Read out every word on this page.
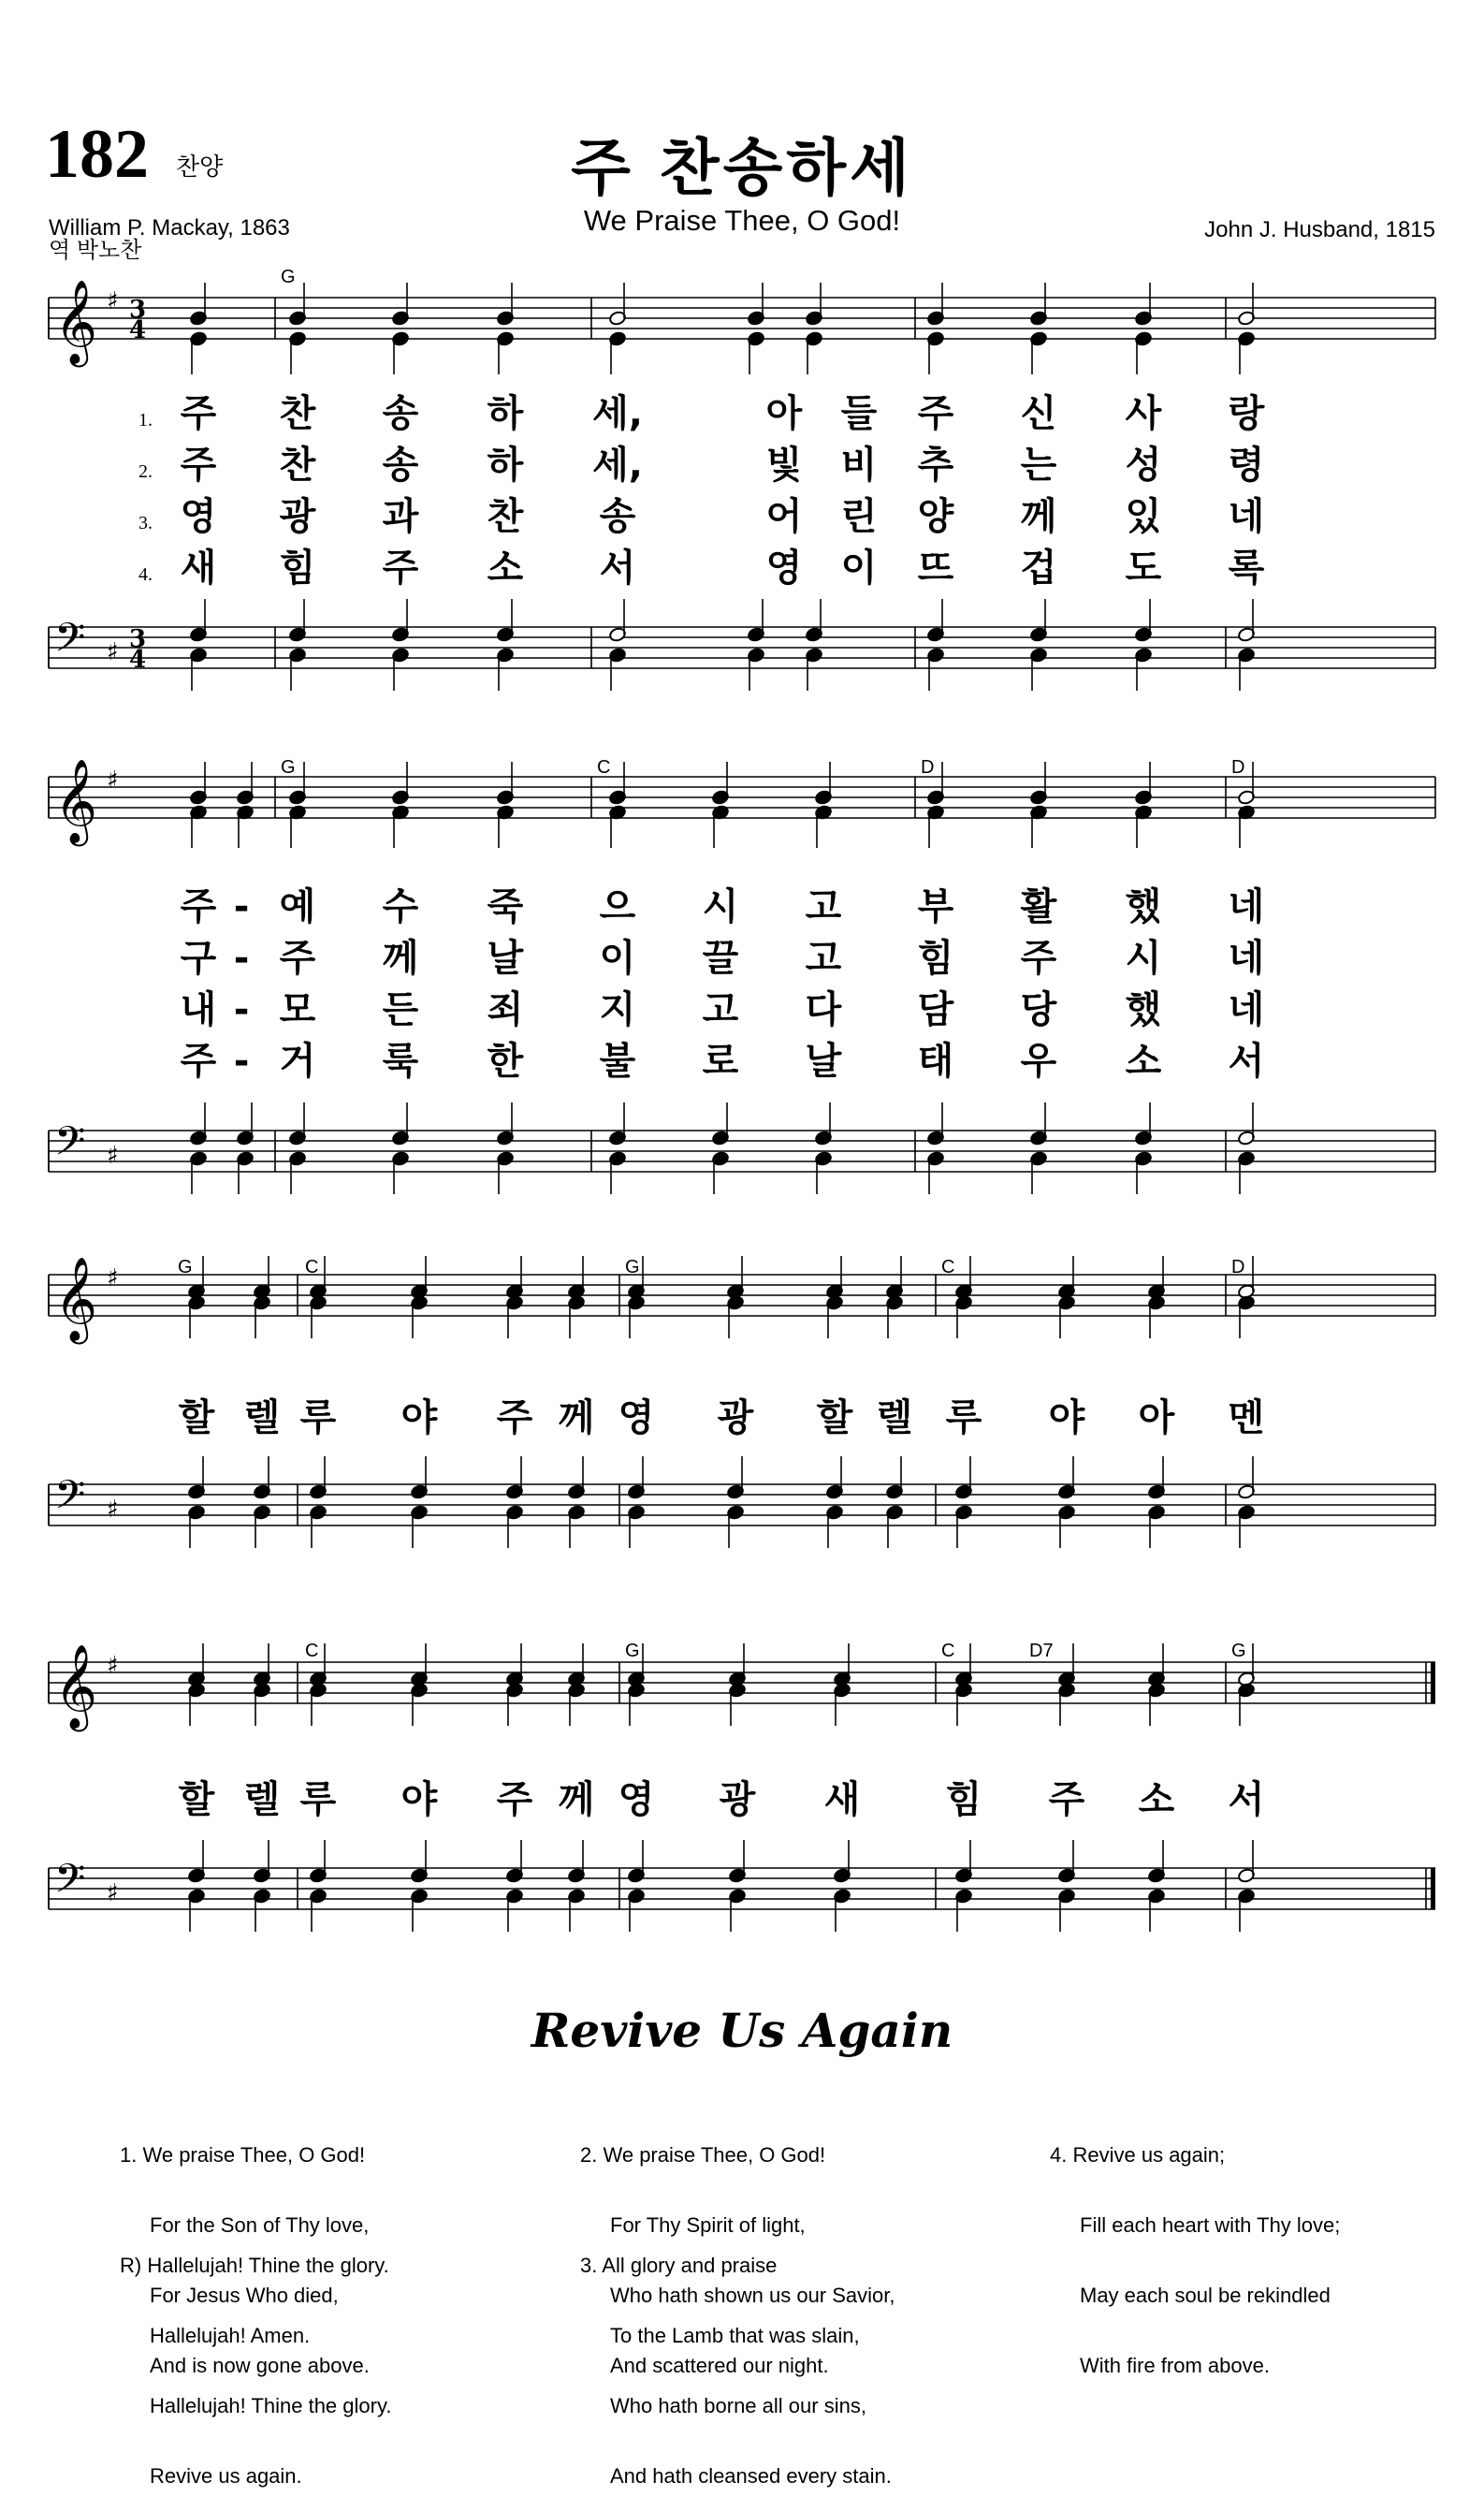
182 찬양	주 찬송하세
We Praise Thee, O God!
William P. Mackay, 1863
역 박노찬
John J. Husband, 1815
𝄞
𝄢
♯
♯
3
4
3
4
G
1. 주 찬 송 하 세,	아 들 주 신 사 랑
2. 주 찬 송 하 세,	빛 비 추 는 성 령
3. 영 광 과 찬 송	어 린 양 께 있 네
4. 새 힘 주 소 서	영 이 뜨 겁 도 록
𝄞
𝄢
♯
♯
G	C	D	D
주 - 예 수 죽 으 시 고 부 활 했 네
구 - 주 께 날 이 끌 고 힘 주 시 네
내 - 모 든 죄 지 고 다 담 당 했 네
주 - 거 룩 한 불 로 날 태 우 소 서
𝄞
𝄢
♯
♯
G	C	G	C	D
할 렐 루 야 주 께 영 광 할 렐 루 야 아 멘
𝄞
𝄢
♯
♯
C	G	C	D7	G
할 렐 루 야 주 께 영 광 새 힘 주 소 서
Revive Us Again

1. We praise Thee, O God!

For the Son of Thy love,

For Jesus Who died,

And is now gone above.

R) Hallelujah! Thine the glory.

Hallelujah! Amen.

Hallelujah! Thine the glory.

Revive us again.

2. We praise Thee, O God!

For Thy Spirit of light,

Who hath shown us our Savior,

And scattered our night.

3. All glory and praise

To the Lamb that was slain,

Who hath borne all our sins,

And hath cleansed every stain.

4. Revive us again;

Fill each heart with Thy love;

May each soul be rekindled

With fire from above.
